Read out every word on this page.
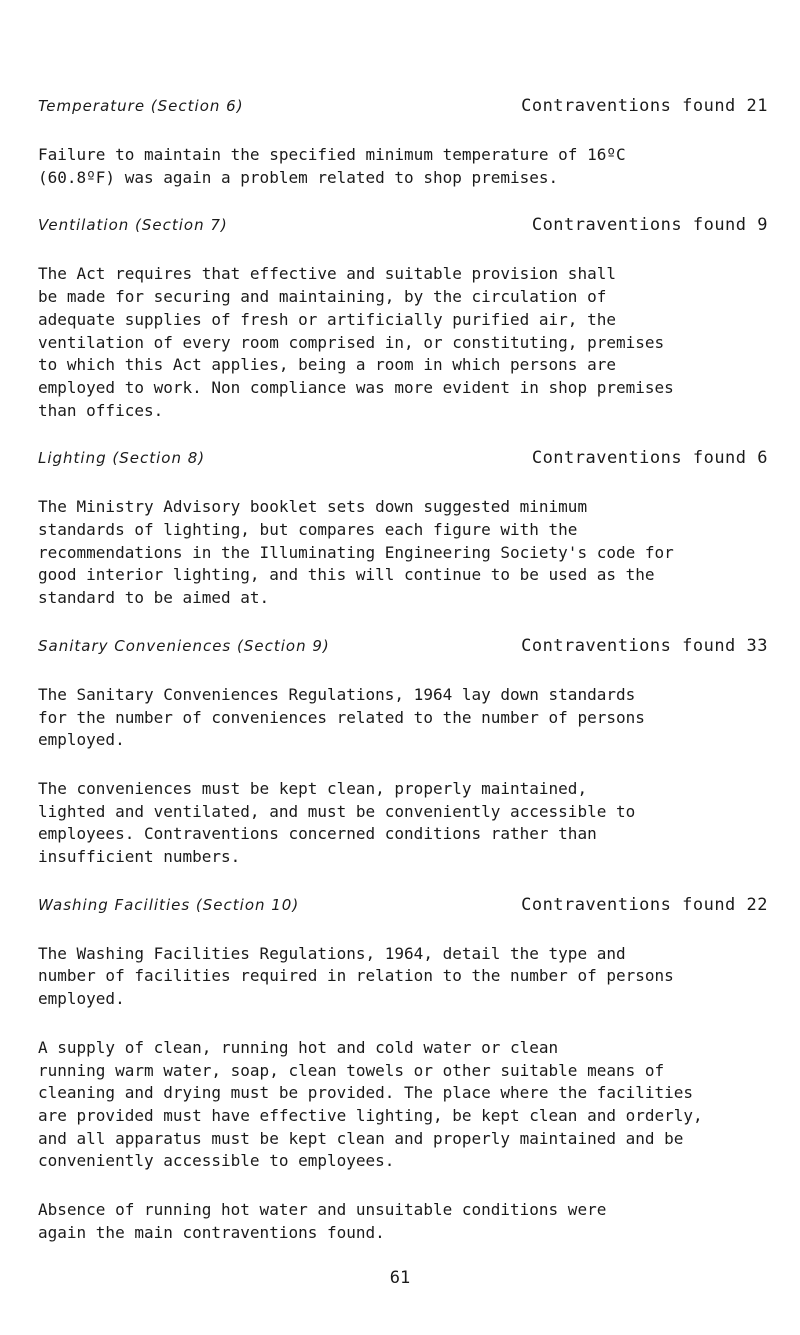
Temperature (Section 6)	Contraventions found 21

Failure to maintain the specified minimum temperature of 16ºC
(60.8ºF) was again a problem related to shop premises.

Ventilation (Section 7)	Contraventions found 9

The Act requires that effective and suitable provision shall
be made for securing and maintaining, by the circulation of
adequate supplies of fresh or artificially purified air, the
ventilation of every room comprised in, or constituting, premises
to which this Act applies, being a room in which persons are
employed to work. Non compliance was more evident in shop premises
than offices.

Lighting (Section 8)	Contraventions found 6

The Ministry Advisory booklet sets down suggested minimum
standards of lighting, but compares each figure with the
recommendations in the Illuminating Engineering Society's code for
good interior lighting, and this will continue to be used as the
standard to be aimed at.

Sanitary Conveniences (Section 9)	Contraventions found 33

The Sanitary Conveniences Regulations, 1964 lay down standards
for the number of conveniences related to the number of persons
employed.

The conveniences must be kept clean, properly maintained,
lighted and ventilated, and must be conveniently accessible to
employees. Contraventions concerned conditions rather than
insufficient numbers.

Washing Facilities (Section 10)	Contraventions found 22

The Washing Facilities Regulations, 1964, detail the type and
number of facilities required in relation to the number of persons
employed.

A supply of clean, running hot and cold water or clean
running warm water, soap, clean towels or other suitable means of
cleaning and drying must be provided. The place where the facilities
are provided must have effective lighting, be kept clean and orderly,
and all apparatus must be kept clean and properly maintained and be
conveniently accessible to employees.

Absence of running hot water and unsuitable conditions were
again the main contraventions found.

61
